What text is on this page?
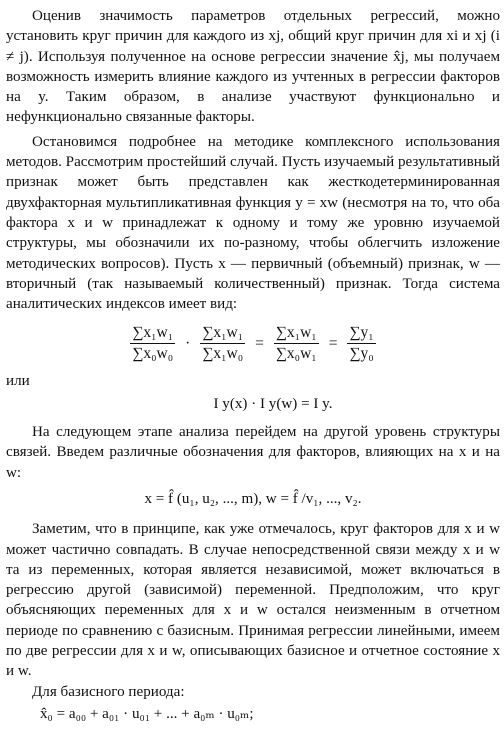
Оценив значимость параметров отдельных регрессий, можно установить круг причин для каждого из xj, общий круг причин для xi и xj (i ≠ j). Используя полученное на основе регрессии значение x̂j, мы получаем возможность измерить влияние каждого из учтенных в регрессии факторов на y. Таким образом, в анализе участвуют функционально и нефункционально связанные факторы.

Остановимся подробнее на методике комплексного использования методов. Рассмотрим простейший случай. Пусть изучаемый результативный признак может быть представлен как жесткодетерминированная двухфакторная мультипликативная функция y = xw (несмотря на то, что оба фактора x и w принадлежат к одному и тому же уровню изучаемой структуры, мы обозначили их по-разному, чтобы облегчить изложение методических вопросов). Пусть x — первичный (объемный) признак, w — вторичный (так называемый количественный) признак. Тогда система аналитических индексов имеет вид:

$\frac{\text{∑x₁w₁}}{\text{∑x₀w₀}} \cdot \frac{\text{∑x₁w₁}}{\text{∑x₁w₀}} = \frac{\text{∑x₁w₁}}{\text{∑x₀w₁}} = \frac{\text{∑y₁}}{\text{∑y₀}}$

или

I y(x) · I y(w) = I y.

На следующем этапе анализа перейдем на другой уровень структуры связей. Введем различные обозначения для факторов, влияющих на x и на w:

x = f̂ (u₁, u₂, ..., m), w = f̂ /v₁, ..., v₂.

Заметим, что в принципе, как уже отмечалось, круг факторов для x и w может частично совпадать. В случае непосредственной связи между x и w та из переменных, которая является независимой, может включаться в регрессию другой (зависимой) переменной. Предположим, что круг объясняющих переменных для x и w остался неизменным в отчетном периоде по сравнению с базисным. Принимая регрессии линейными, имеем по две регрессии для x и w, описывающих базисное и отчетное состояние x и w.

Для базисного периода:

x̂₀ = a₀₀ + a₀₁ · u₀₁ + ... + a₀ₘ · u₀ₘ;
